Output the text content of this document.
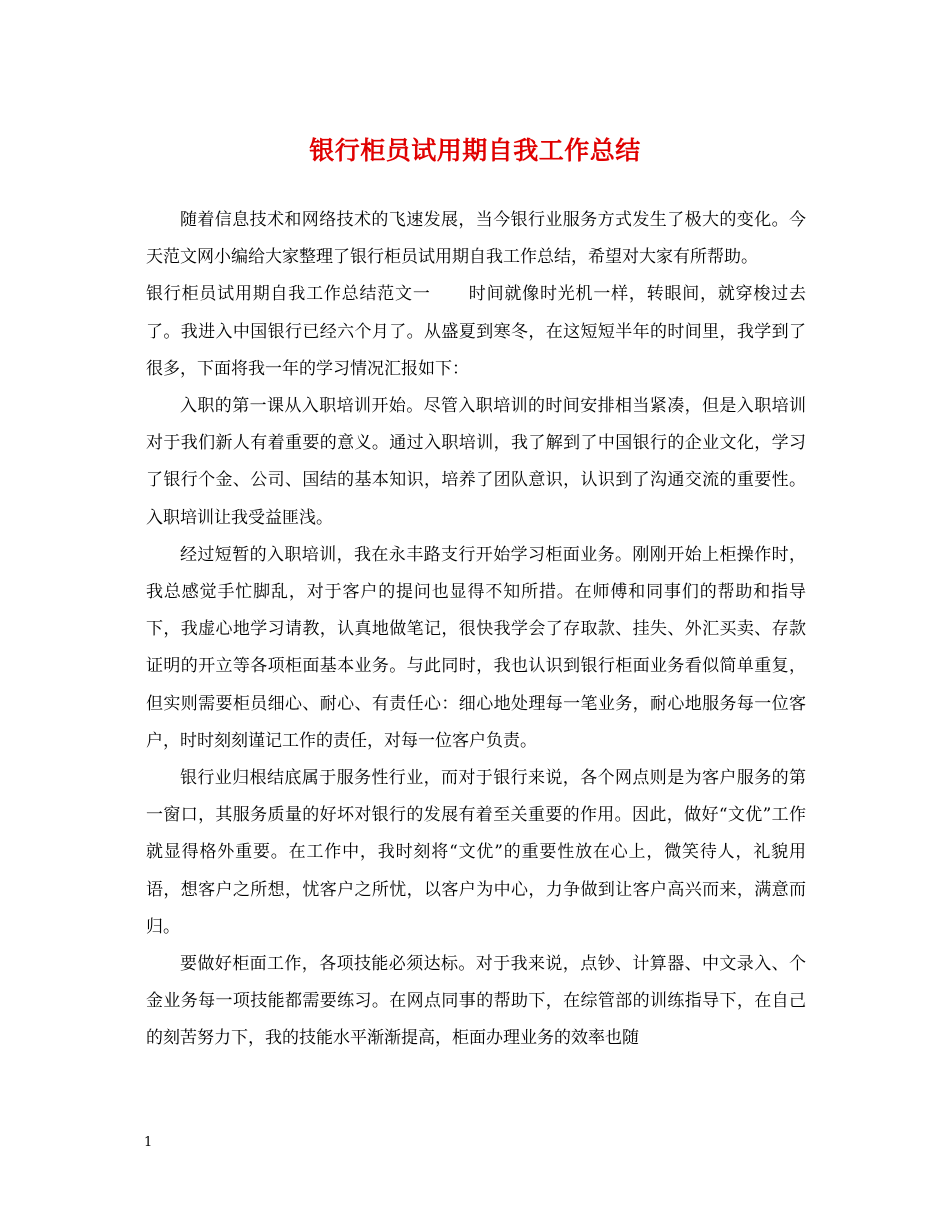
银行柜员试用期自我工作总结

随着信息技术和网络技术的飞速发展，当今银行业服务方式发生了极大的变化。今天范文网小编给大家整理了银行柜员试用期自我工作总结，希望对大家有所帮助。

银行柜员试用期自我工作总结范文一 时间就像时光机一样，转眼间，就穿梭过去了。我进入中国银行已经六个月了。从盛夏到寒冬，在这短短半年的时间里，我学到了很多，下面将我一年的学习情况汇报如下：

入职的第一课从入职培训开始。尽管入职培训的时间安排相当紧凑，但是入职培训对于我们新人有着重要的意义。通过入职培训，我了解到了中国银行的企业文化，学习了银行个金、公司、国结的基本知识，培养了团队意识，认识到了沟通交流的重要性。入职培训让我受益匪浅。

经过短暂的入职培训，我在永丰路支行开始学习柜面业务。刚刚开始上柜操作时，我总感觉手忙脚乱，对于客户的提问也显得不知所措。在师傅和同事们的帮助和指导下，我虚心地学习请教，认真地做笔记，很快我学会了存取款、挂失、外汇买卖、存款证明的开立等各项柜面基本业务。与此同时，我也认识到银行柜面业务看似简单重复，但实则需要柜员细心、耐心、有责任心：细心地处理每一笔业务，耐心地服务每一位客户，时时刻刻谨记工作的责任，对每一位客户负责。

银行业归根结底属于服务性行业，而对于银行来说，各个网点则是为客户服务的第一窗口，其服务质量的好坏对银行的发展有着至关重要的作用。因此，做好“文优”工作就显得格外重要。在工作中，我时刻将“文优”的重要性放在心上，微笑待人，礼貌用语，想客户之所想，忧客户之所忧，以客户为中心，力争做到让客户高兴而来，满意而归。

要做好柜面工作，各项技能必须达标。对于我来说，点钞、计算器、中文录入、个金业务每一项技能都需要练习。在网点同事的帮助下，在综管部的训练指导下，在自己的刻苦努力下，我的技能水平渐渐提高，柜面办理业务的效率也随

1
